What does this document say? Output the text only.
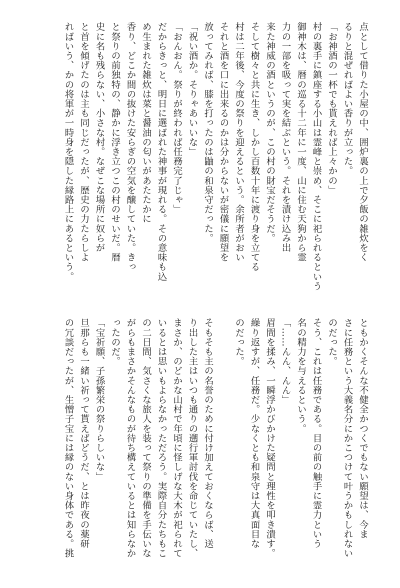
点として借りた小屋の中、囲炉裏の上で夕飯の雑炊をく
るりと混ぜればよい香りが立った。
「お神酒の一杯でも貰えれば上々かの」
村の裏手に鎮座する小山は霊峰と崇め、そこに祀られるという
御神木は、暦の巡る十二年に一度、山に住む天狗から霊
力の一部を吸って実を結ぶという。それを漬け込み出
来た神威の酒というのが、この村の財宝だそうだ。
そして樹々と共に生き、しかし百数十年に渡り身を立てる
村は二年後、今度の祭りを迎えるという。余所者がおい
それと酒を口に出来るのかは分からないが密儀に願望を
放ってみれば、膝を打ったのは鼬の和泉守だった。
「祝い酒か。そりゃあいいな」
「おんおん。祭りが終われば任務完了じゃ」
だからきっと、明日に選ばれた神事が現れる。その意味も込
め生まれた雑炊は菜と醤油の匂いがあたたかに
香り、どこか間の抜けた安らぎの空気を醸していた。きっ
と祭りの前独特の、静かに浮き立つこの村のせいだ。暦
史に名も残らない、小さな村。なぜこな場所に奴らが
と首を傾げたのは主も同じだったが、歴史の力たらしよ
ればいう、かの将軍が一時身を隠した縁路上にあるという。
ともかくそんな不健全かつくでもない願望は、今ま
さに任務という大義名分にかこつけて叶うかもしれない
のだった。
そう、これは任務である。目の前の触手に霊力という
名の精力を与えるという。
「……んん、んん」
眉間を揉み、一瞬浮かびかけた疑問と理性を叩き潰す。
繰り返すが、任務だ。少なくとも和泉守は大真面目な
のだった。

そもそも主の名誉のために付け加えておくならば、送
り出した主はいつも通りの遡行軍討伐を命じていたし、
まさか、のどかな山村で年頃に怪しげな大木が祀られて
いるとは思いもよらなかっただろう。実際自分たちもこ
の二日間、気さくな旅人を装って祭りの準備を手伝いな
がらもまさかそんなものが待ち構えているとは知らなか
ったのだ。
「宝祈願、子孫繁栄の祭りらしいな」
旦那らも一緒い祈って貰えばどうだ、とは昨夜の薬研
の冗談だったが、生憎子宝には縁のない身体である。挑
